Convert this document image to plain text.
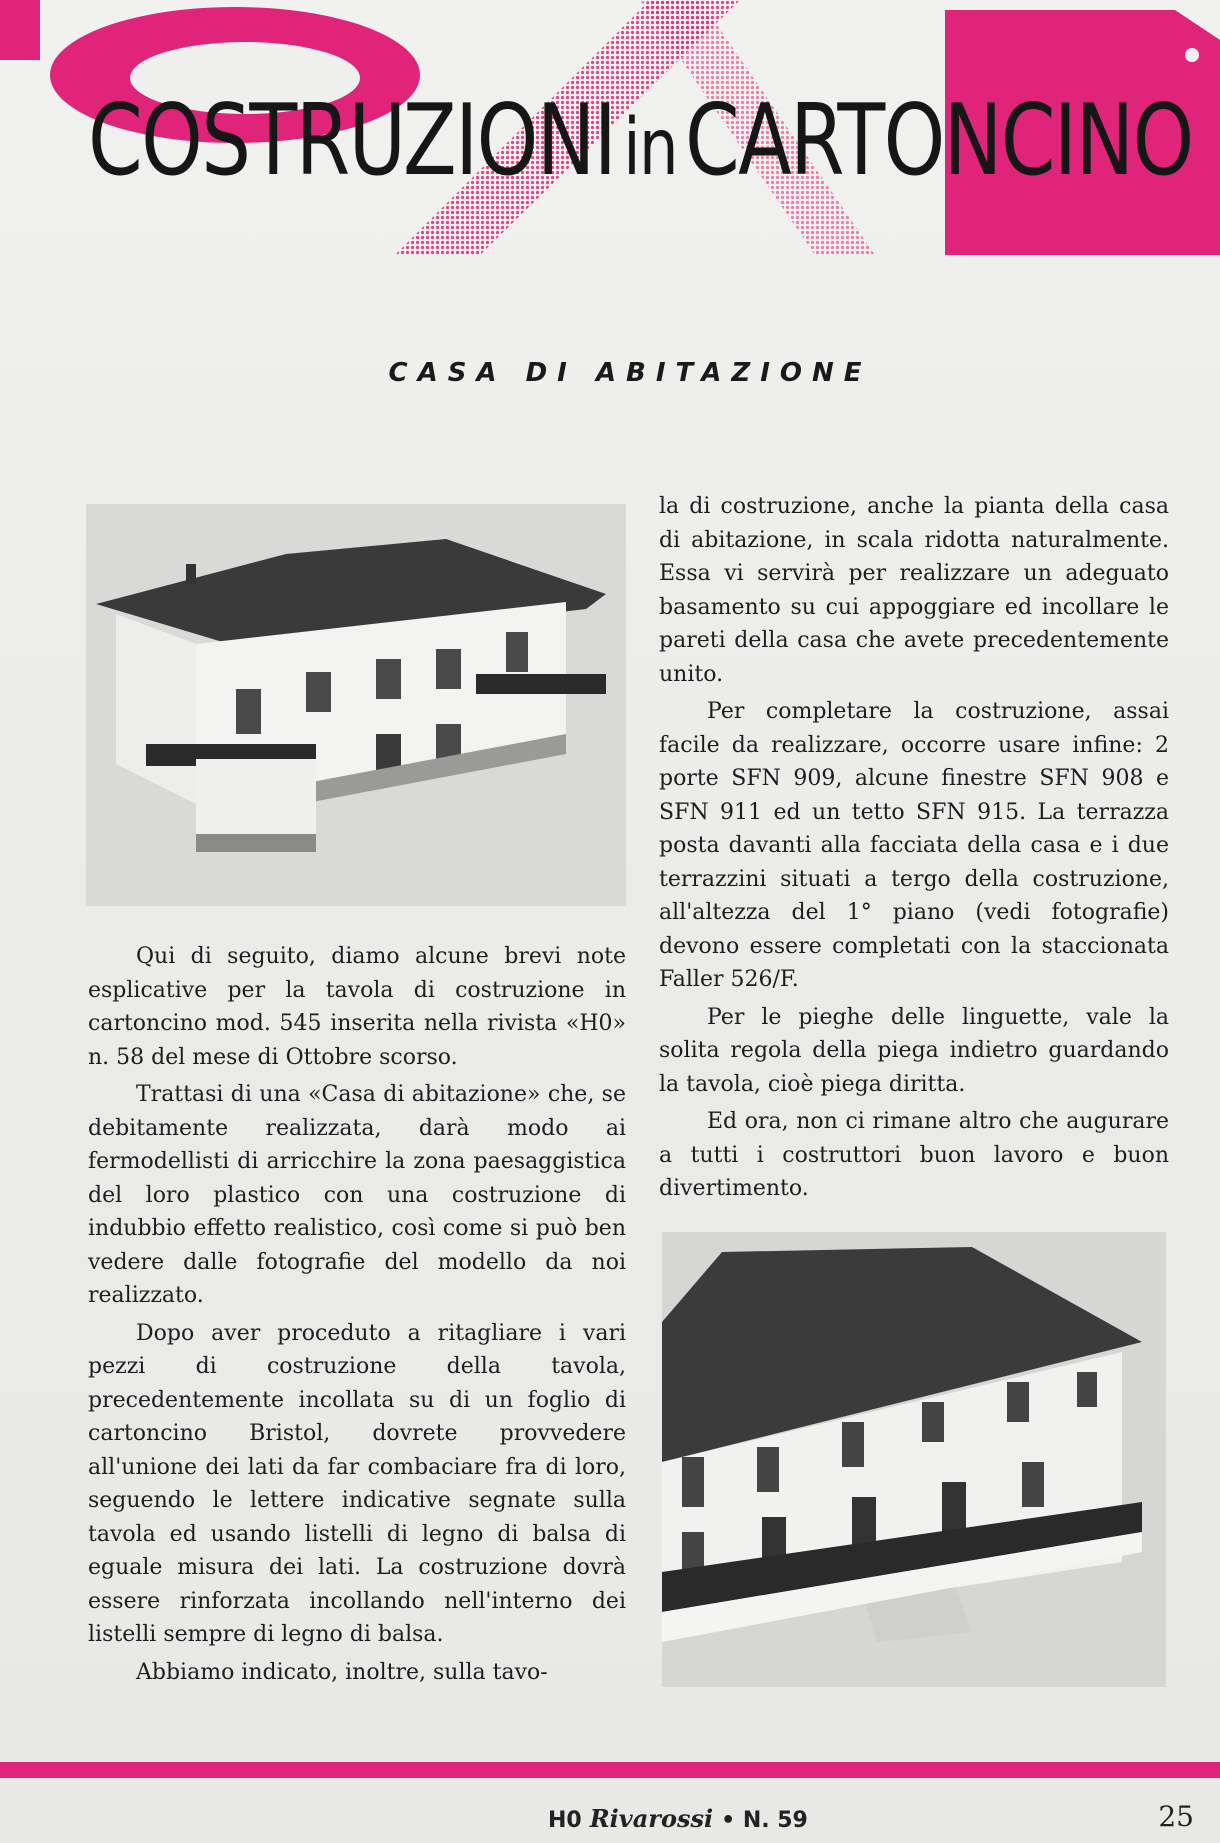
COSTRUZIONI inCARTONCINO
CASA DI ABITAZIONE

Qui di seguito, diamo alcune brevi note esplicative per la tavola di costruzione in cartoncino mod. 545 inserita nella rivista «H0» n. 58 del mese di Ottobre scorso.

Trattasi di una «Casa di abitazione» che, se debitamente realizzata, darà modo ai fermodellisti di arricchire la zona paesaggistica del loro plastico con una costruzione di indubbio effetto realistico, così come si può ben vedere dalle fotografie del modello da noi realizzato.

Dopo aver proceduto a ritagliare i vari pezzi di costruzione della tavola, precedentemente incollata su di un foglio di cartoncino Bristol, dovrete provvedere all'unione dei lati da far combaciare fra di loro, seguendo le lettere indicative segnate sulla tavola ed usando listelli di legno di balsa di eguale misura dei lati. La costruzione dovrà essere rinforzata incollando nell'interno dei listelli sempre di legno di balsa.

Abbiamo indicato, inoltre, sulla tavo-

la di costruzione, anche la pianta della casa di abitazione, in scala ridotta naturalmente. Essa vi servirà per realizzare un adeguato basamento su cui appoggiare ed incollare le pareti della casa che avete precedentemente unito.

Per completare la costruzione, assai facile da realizzare, occorre usare infine: 2 porte SFN 909, alcune finestre SFN 908 e SFN 911 ed un tetto SFN 915. La terrazza posta davanti alla facciata della casa e i due terrazzini situati a tergo della costruzione, all'altezza del 1° piano (vedi fotografie) devono essere completati con la staccionata Faller 526/F.

Per le pieghe delle linguette, vale la solita regola della piega indietro guardando la tavola, cioè piega diritta.

Ed ora, non ci rimane altro che augurare a tutti i costruttori buon lavoro e buon divertimento.

H0 Rivarossi • N. 59	25
